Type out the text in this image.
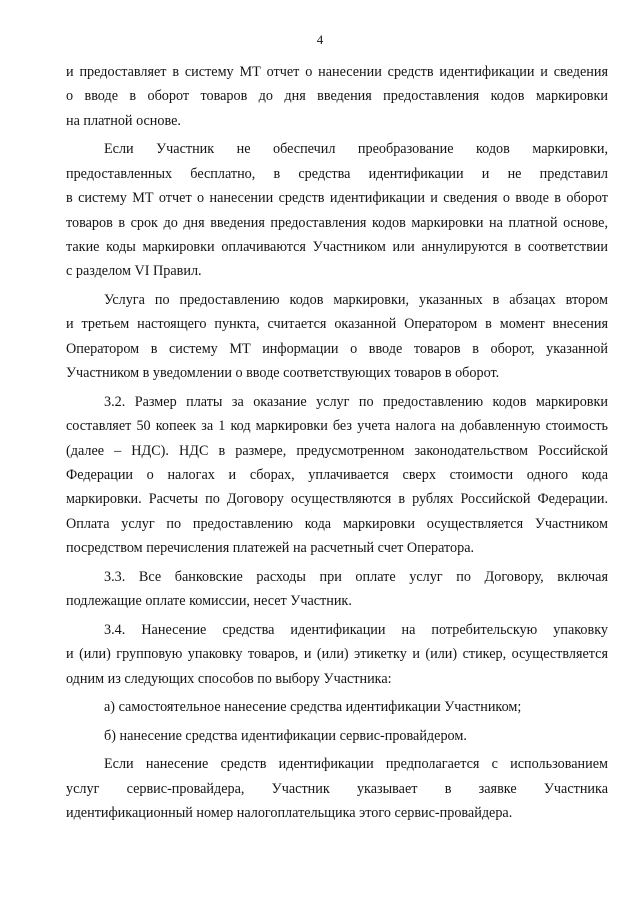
4
и предоставляет в систему МТ отчет о нанесении средств идентификации и сведения
о вводе в оборот товаров до дня введения предоставления кодов маркировки
на платной основе.
Если Участник не обеспечил преобразование кодов маркировки,
предоставленных бесплатно, в средства идентификации и не представил
в систему МТ отчет о нанесении средств идентификации и сведения о вводе в оборот
товаров в срок до дня введения предоставления кодов маркировки на платной основе,
такие коды маркировки оплачиваются Участником или аннулируются в соответствии
с разделом VI Правил.
Услуга по предоставлению кодов маркировки, указанных в абзацах втором
и третьем настоящего пункта, считается оказанной Оператором в момент внесения
Оператором в систему МТ информации о вводе товаров в оборот, указанной
Участником в уведомлении о вводе соответствующих товаров в оборот.
3.2. Размер платы за оказание услуг по предоставлению кодов маркировки
составляет 50 копеек за 1 код маркировки без учета налога на добавленную стоимость
(далее – НДС). НДС в размере, предусмотренном законодательством Российской
Федерации о налогах и сборах, уплачивается сверх стоимости одного кода
маркировки. Расчеты по Договору осуществляются в рублях Российской Федерации.
Оплата услуг по предоставлению кода маркировки осуществляется Участником
посредством перечисления платежей на расчетный счет Оператора.
3.3. Все банковские расходы при оплате услуг по Договору, включая
подлежащие оплате комиссии, несет Участник.
3.4. Нанесение средства идентификации на потребительскую упаковку
и (или) групповую упаковку товаров, и (или) этикетку и (или) стикер, осуществляется
одним из следующих способов по выбору Участника:
а) самостоятельное нанесение средства идентификации Участником;
б) нанесение средства идентификации сервис-провайдером.
Если нанесение средств идентификации предполагается с использованием
услуг сервис-провайдера, Участник указывает в заявке Участника
идентификационный номер налогоплательщика этого сервис-провайдера.
